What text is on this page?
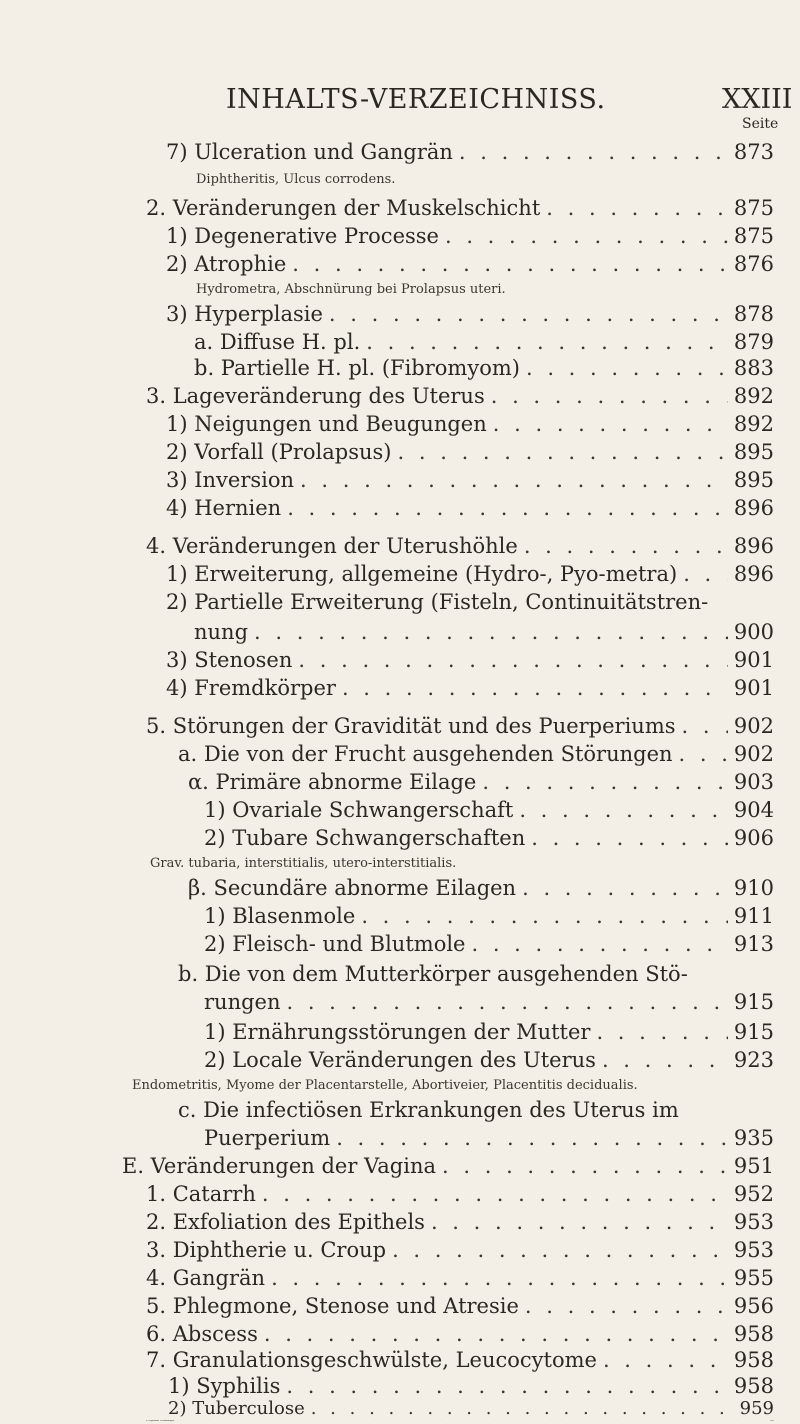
INHALTS-VERZEICHNISS.	XXIII
Seite
7) Ulceration und Gangrän . . .	873
Diphtheritis, Ulcus corrodens.
2. Veränderungen der Muskelschicht . . .	875
1) Degenerative Processe . . .	875
2) Atrophie . . .	876
Hydrometra, Abschnürung bei Prolapsus uteri.
3) Hyperplasie . . .	878
a. Diffuse H. pl. . . .	879
b. Partielle H. pl. (Fibromyom) . . .	883
3. Lageveränderung des Uterus . . .	892
1) Neigungen und Beugungen . . .	892
2) Vorfall (Prolapsus) . . .	895
3) Inversion . . .	895
4) Hernien . . .	896
4. Veränderungen der Uterushöhle . . .	896
1) Erweiterung, allgemeine (Hydro-, Pyo-metra) . . .	896
2) Partielle Erweiterung (Fisteln, Continuitätstren-
nung . . .	900
3) Stenosen . . .	901
4) Fremdkörper . . .	901
5. Störungen der Gravidität und des Puerperiums . . .	902
a. Die von der Frucht ausgehenden Störungen . . .	902
α. Primäre abnorme Eilage . . .	903
1) Ovariale Schwangerschaft . . .	904
2) Tubare Schwangerschaften . . .	906
Grav. tubaria, interstitialis, utero-interstitialis.
β. Secundäre abnorme Eilagen . . .	910
1) Blasenmole . . .	911
2) Fleisch- und Blutmole . . .	913
b. Die von dem Mutterkörper ausgehenden Stö-
rungen . . .	915
1) Ernährungsstörungen der Mutter . . .	915
2) Locale Veränderungen des Uterus . . .	923
Endometritis, Myome der Placentarstelle, Abortiveier, Placentitis decidualis.
c. Die infectiösen Erkrankungen des Uterus im
Puerperium . . .	935
E. Veränderungen der Vagina . . .	951
1. Catarrh . . .	952
2. Exfoliation des Epithels . . .	953
3. Diphtherie u. Croup . . .	953
4. Gangrän . . .	955
5. Phlegmone, Stenose und Atresie . . .	956
6. Abscess . . .	958
7. Granulationsgeschwülste, Leucocytome . . .	958
1) Syphilis . . .	958
2) Tuberculose . . .	959
8. Organoide Neubildungen . . .	960
